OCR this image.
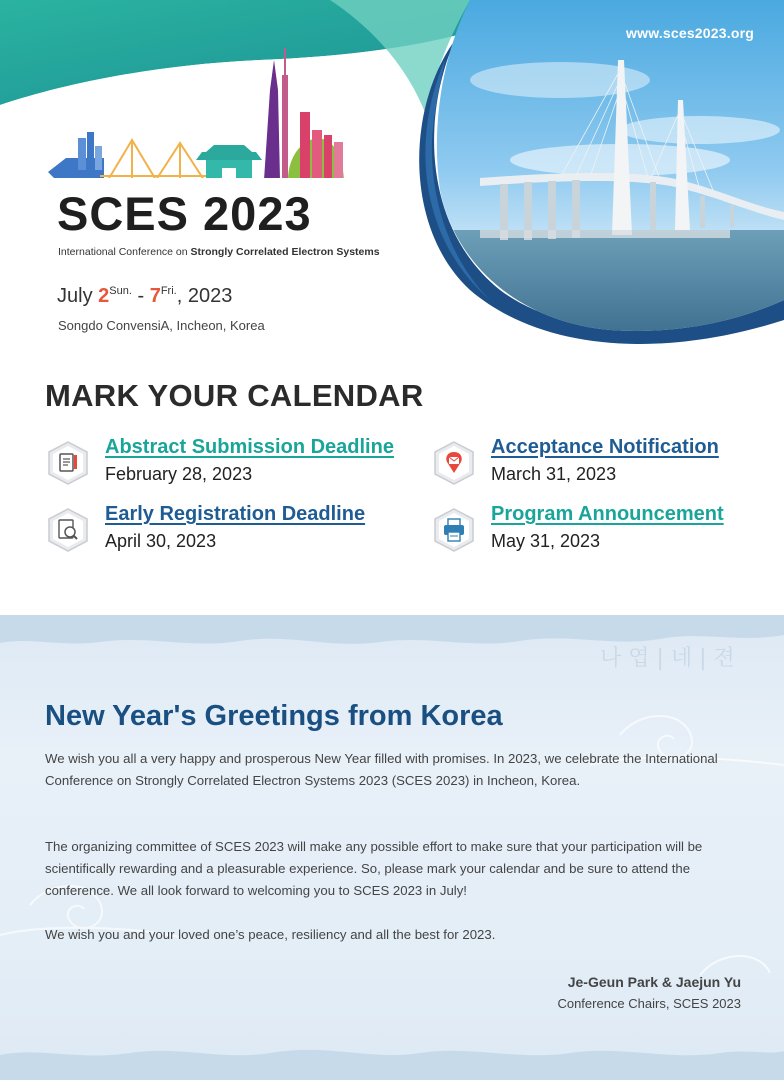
www.sces2023.org
SCES 2023
International Conference on Strongly Correlated Electron Systems
July $2^{Sun.} - 7^{Fri.}$, 2023
Songdo ConvensiA, Incheon, Korea
MARK YOUR CALENDAR
Abstract Submission Deadline
February 28, 2023
Acceptance Notification
March 31, 2023
Early Registration Deadline
April 30, 2023
Program Announcement
May 31, 2023
나 엽 | 네 | 젼
New Year's Greetings from Korea
We wish you all a very happy and prosperous New Year filled with promises. In 2023, we celebrate the International Conference on Strongly Correlated Electron Systems 2023 (SCES 2023) in Incheon, Korea.
The organizing committee of SCES 2023 will make any possible effort to make sure that your participation will be scientifically rewarding and a pleasurable experience. So, please mark your calendar and be sure to attend the conference. We all look forward to welcoming you to SCES 2023 in July!
We wish you and your loved one’s peace, resiliency and all the best for 2023.
Je-Geun Park & Jaejun Yu
Conference Chairs, SCES 2023
